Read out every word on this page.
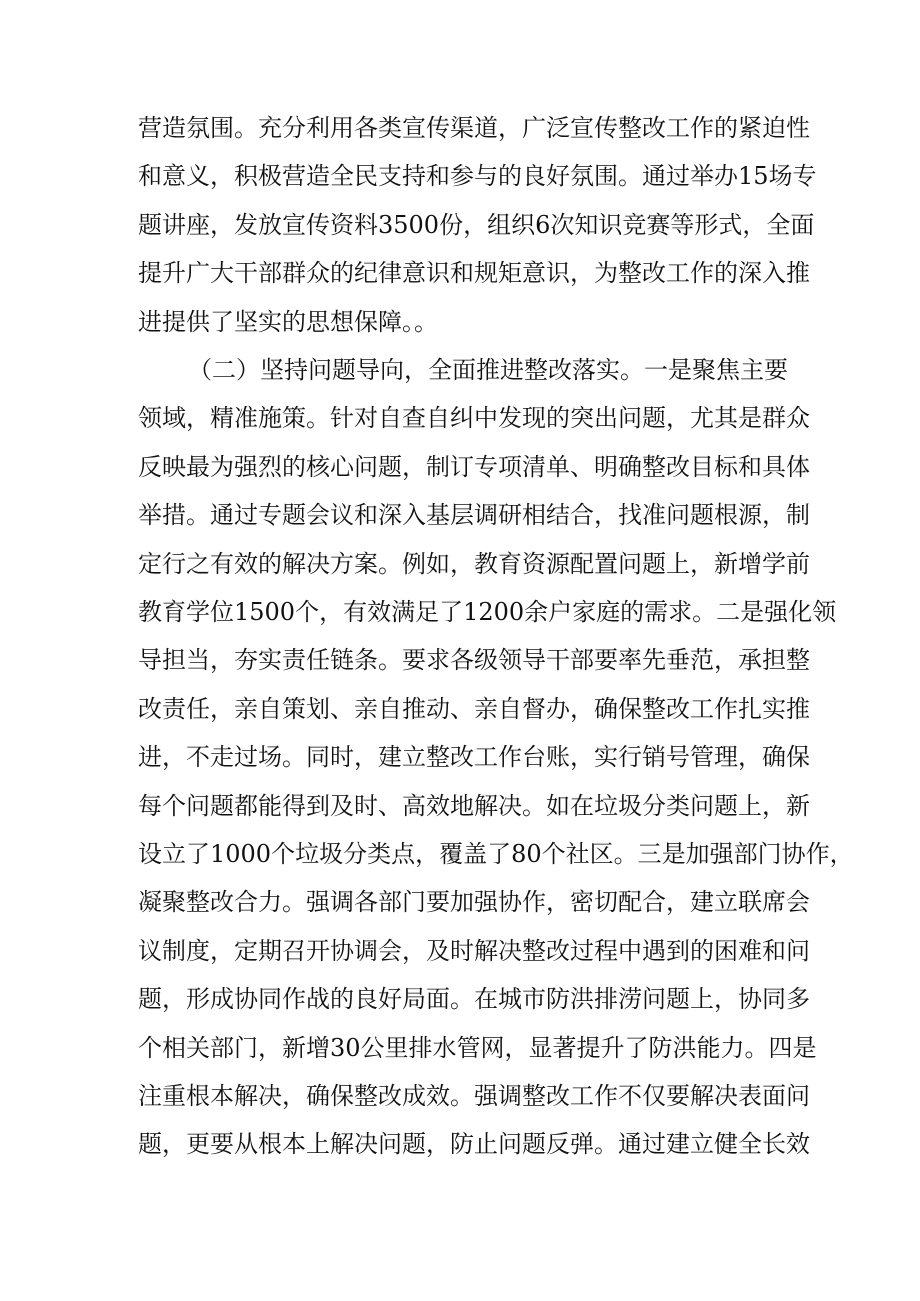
营造氛围。充分利用各类宣传渠道，广泛宣传整改工作的紧迫性
和意义，积极营造全民支持和参与的良好氛围。通过举办15场专
题讲座，发放宣传资料3500份，组织6次知识竞赛等形式，全面
提升广大干部群众的纪律意识和规矩意识，为整改工作的深入推
进提供了坚实的思想保障。。
（二）坚持问题导向，全面推进整改落实。一是聚焦主要
领域，精准施策。针对自查自纠中发现的突出问题，尤其是群众
反映最为强烈的核心问题，制订专项清单、明确整改目标和具体
举措。通过专题会议和深入基层调研相结合，找准问题根源，制
定行之有效的解决方案。例如，教育资源配置问题上，新增学前
教育学位1500个，有效满足了1200余户家庭的需求。二是强化领
导担当，夯实责任链条。要求各级领导干部要率先垂范，承担整
改责任，亲自策划、亲自推动、亲自督办，确保整改工作扎实推
进，不走过场。同时，建立整改工作台账，实行销号管理，确保
每个问题都能得到及时、高效地解决。如在垃圾分类问题上，新
设立了1000个垃圾分类点，覆盖了80个社区。三是加强部门协作，
凝聚整改合力。强调各部门要加强协作，密切配合，建立联席会
议制度，定期召开协调会，及时解决整改过程中遇到的困难和问
题，形成协同作战的良好局面。在城市防洪排涝问题上，协同多
个相关部门，新增30公里排水管网，显著提升了防洪能力。四是
注重根本解决，确保整改成效。强调整改工作不仅要解决表面问
题，更要从根本上解决问题，防止问题反弹。通过建立健全长效
